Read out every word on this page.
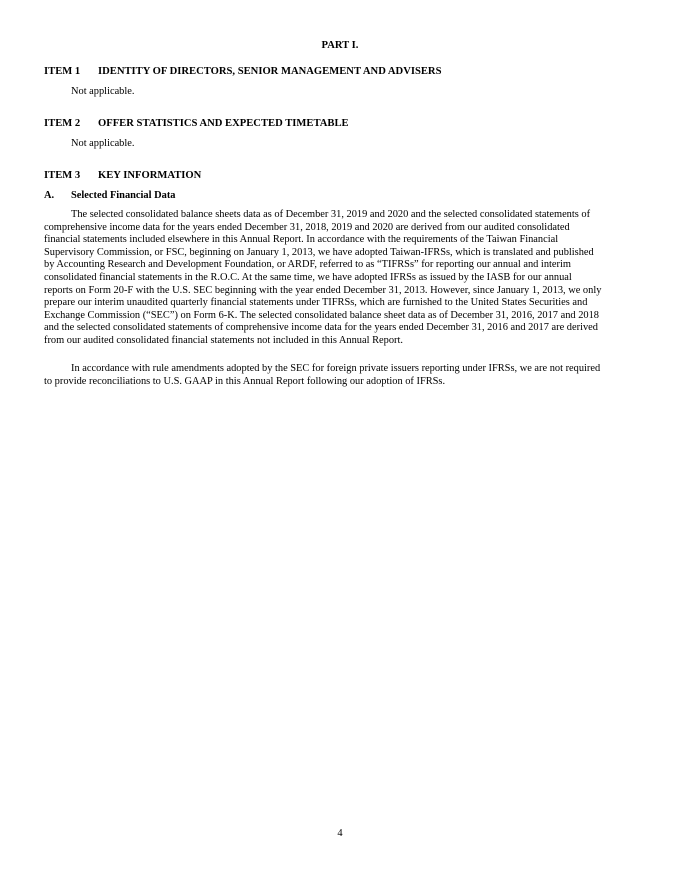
PART I.
ITEM 1 IDENTITY OF DIRECTORS, SENIOR MANAGEMENT AND ADVISERS
Not applicable.
ITEM 2 OFFER STATISTICS AND EXPECTED TIMETABLE
Not applicable.
ITEM 3 KEY INFORMATION
A. Selected Financial Data
The selected consolidated balance sheets data as of December 31, 2019 and 2020 and the selected consolidated statements of
comprehensive income data for the years ended December 31, 2018, 2019 and 2020 are derived from our audited consolidated
financial statements included elsewhere in this Annual Report. In accordance with the requirements of the Taiwan Financial
Supervisory Commission, or FSC, beginning on January 1, 2013, we have adopted Taiwan-IFRSs, which is translated and published
by Accounting Research and Development Foundation, or ARDF, referred to as “TIFRSs” for reporting our annual and interim
consolidated financial statements in the R.O.C. At the same time, we have adopted IFRSs as issued by the IASB for our annual
reports on Form 20-F with the U.S. SEC beginning with the year ended December 31, 2013. However, since January 1, 2013, we only
prepare our interim unaudited quarterly financial statements under TIFRSs, which are furnished to the United States Securities and
Exchange Commission (“SEC”) on Form 6-K. The selected consolidated balance sheet data as of December 31, 2016, 2017 and 2018
and the selected consolidated statements of comprehensive income data for the years ended December 31, 2016 and 2017 are derived
from our audited consolidated financial statements not included in this Annual Report.
In accordance with rule amendments adopted by the SEC for foreign private issuers reporting under IFRSs, we are not required
to provide reconciliations to U.S. GAAP in this Annual Report following our adoption of IFRSs.
4
